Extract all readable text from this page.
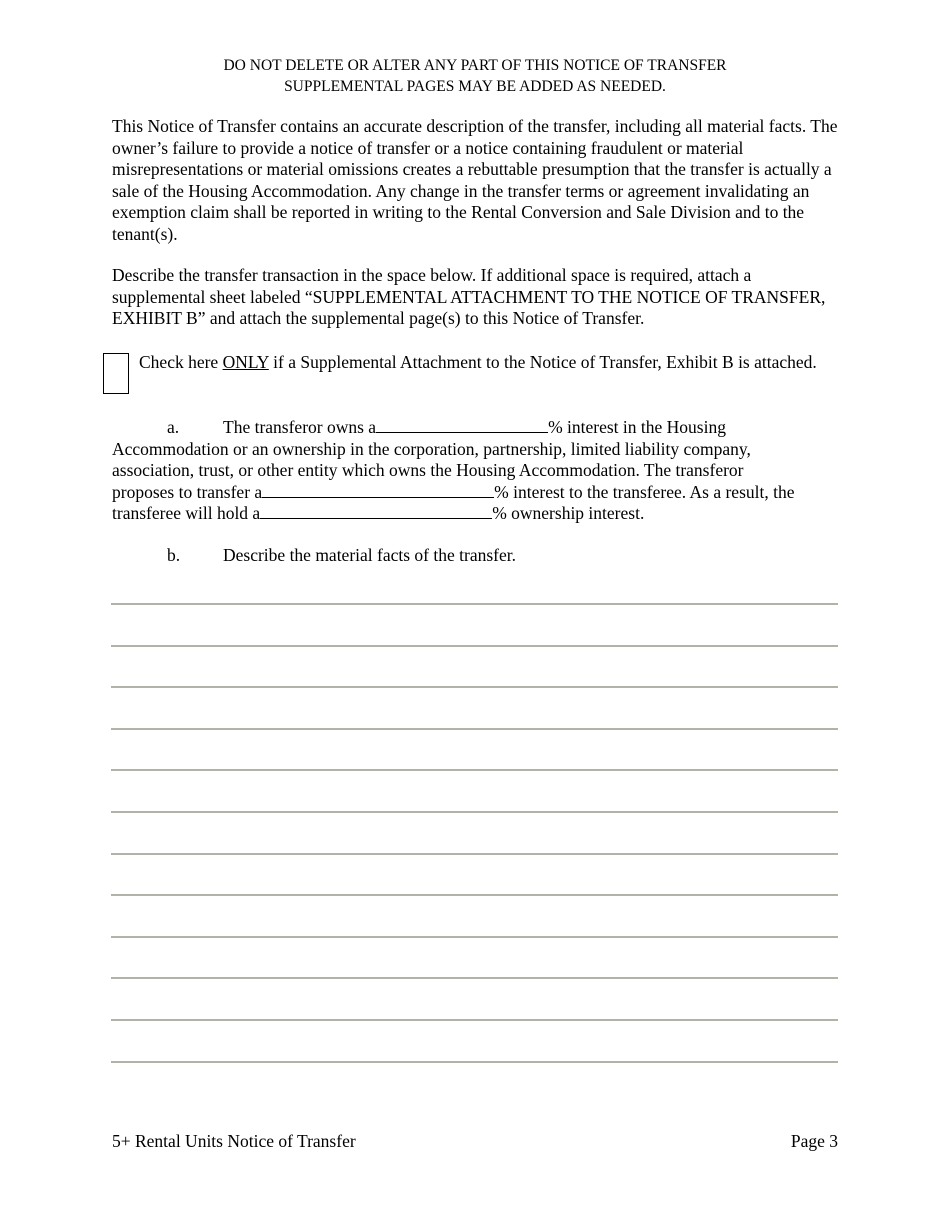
DO NOT DELETE OR ALTER ANY PART OF THIS NOTICE OF TRANSFER
SUPPLEMENTAL PAGES MAY BE ADDED AS NEEDED.

This Notice of Transfer contains an accurate description of the transfer, including all material facts. The owner’s failure to provide a notice of transfer or a notice containing fraudulent or material misrepresentations or material omissions creates a rebuttable presumption that the transfer is actually a sale of the Housing Accommodation. Any change in the transfer terms or agreement invalidating an exemption claim shall be reported in writing to the Rental Conversion and Sale Division and to the tenant(s).

Describe the transfer transaction in the space below. If additional space is required, attach a supplemental sheet labeled “SUPPLEMENTAL ATTACHMENT TO THE NOTICE OF TRANSFER, EXHIBIT B” and attach the supplemental page(s) to this Notice of Transfer.

Check here ONLY if a Supplemental Attachment to the Notice of Transfer, Exhibit B is attached.
a.	The transferor owns a	% interest in the Housing
Accommodation or an ownership in the corporation, partnership, limited liability company,
association, trust, or other entity which owns the Housing Accommodation. The transferor
proposes to transfer a	% interest to the transferee. As a result, the
transferee will hold a	% ownership interest.
b. Describe the material facts of the transfer.
5+ Rental Units Notice of Transfer	Page 3
